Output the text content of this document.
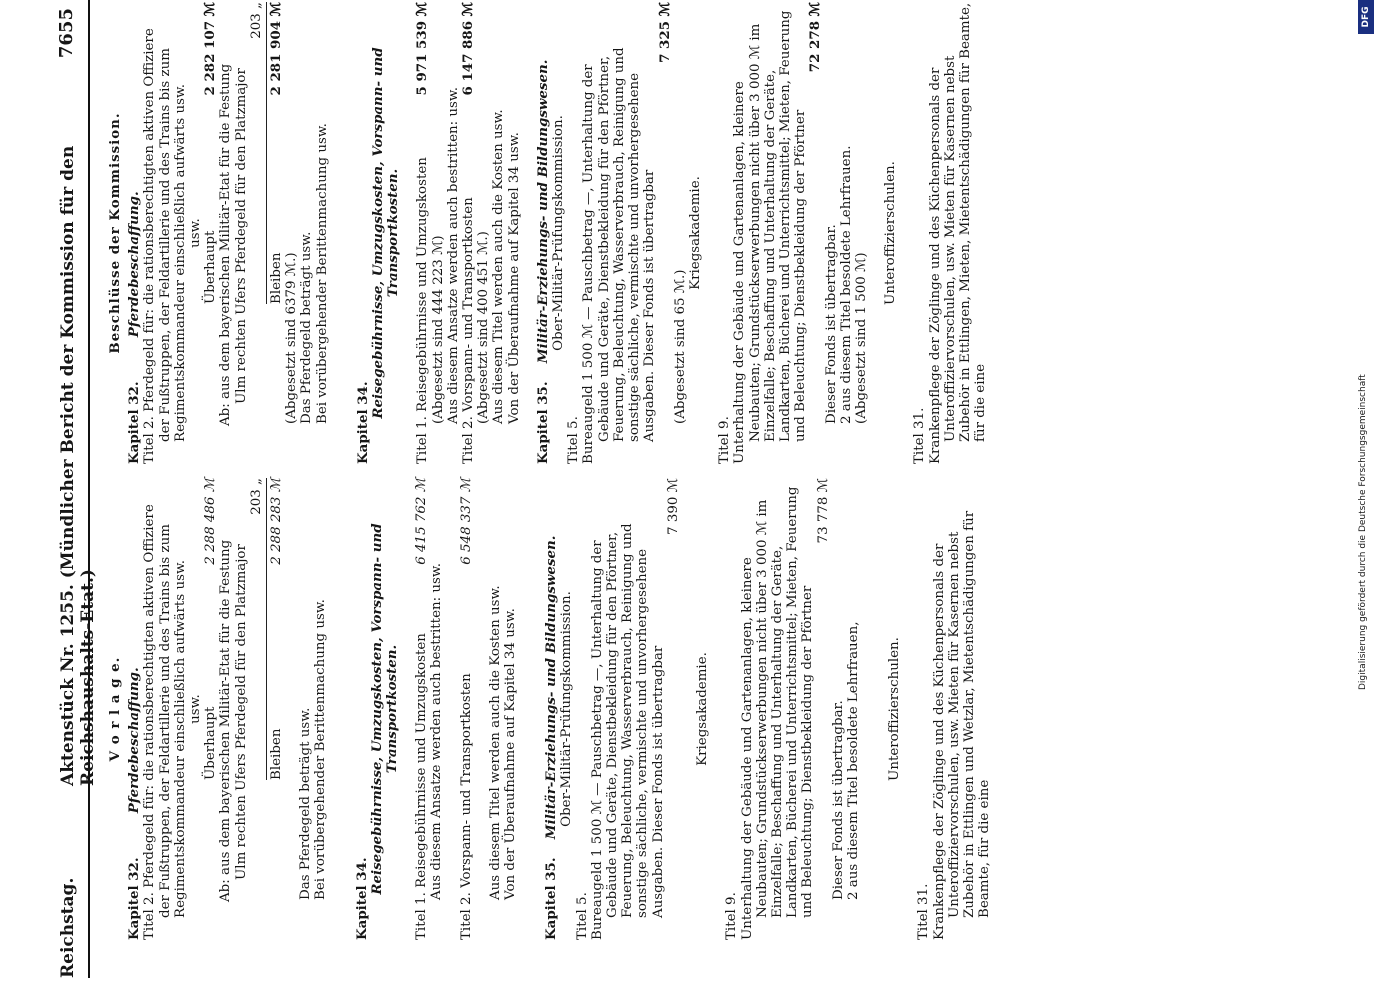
Reichstag.
Aktenstück Nr. 1255. (Mündlicher Bericht der Kommission für den Reichshaushalts-Etat.)
7655
V o r l a g e.
Kapitel 32. Pferdebeschaffung. Titel 2. Pferdegeld für: die rationsberechtigten aktiven Offiziere der Fußtruppen, der Feldartillerie und des Trains bis zum Regimentskommandeur einschließlich aufwärts usw. usw. Überhaupt
2 288 486 ℳ

Ab: aus dem bayerischen Militär-Etat für die Festung Ulm rechten Ufers Pferdegeld für den Platzmajor

203 „
Bleiben
2 288 283 ℳ
Das Pferdegeld beträgt usw. Bei vorübergehender Berittenmachung usw. Kapitel 34.
Reisegebührnisse, Umzugskosten, Vorspann- und Transportkosten. Titel 1. Reisegebührnisse und Umzugskosten
6 415 762 ℳ
Aus diesem Ansatze werden auch bestritten: usw. Titel 2. Vorspann- und Transportkosten
6 548 337 ℳ
Aus diesem Titel werden auch die Kosten usw. Von der Überaufnahme auf Kapitel 34 usw. Kapitel 35. Militär-Erziehungs- und Bildungswesen. Ober-Militär-Prüfungskommission.
Titel 5. Bureaugeld 1 500 ℳ — Pauschbetrag —, Unterhaltung der Gebäude und Geräte, Dienstbekleidung für den Pförtner, Feuerung, Beleuchtung, Wasserverbrauch, Reinigung und sonstige sächliche, vermischte und unvorhergesehene Ausgaben. Dieser Fonds ist übertragbar

7 390 ℳ
Kriegsakademie.
Titel 9. Unterhaltung der Gebäude und Gartenanlagen, kleinere Neubauten; Grundstückserwerbungen nicht über 3 000 ℳ im Einzelfalle; Beschaffung und Unterhaltung der Geräte, Landkarten, Bücherei und Unterrichtsmittel; Mieten, Feuerung und Beleuchtung; Dienstbekleidung der Pförtner

73 778 ℳ
Dieser Fonds ist übertragbar. 2 aus diesem Titel besoldete Lehrfrauen, Unteroffizierschulen.
Titel 31. Krankenpflege der Zöglinge und des Küchenpersonals der Unteroffiziervorschulen, usw. Mieten für Kasernen nebst Zubehör in Ettlingen und Wetzlar, Mietentschädigungen für Beamte, für die eine

Beschlüsse der Kommission.
Kapitel 32. Pferdebeschaffung. Titel 2. Pferdegeld für: die rationsberechtigten aktiven Offiziere der Fußtruppen, der Feldartillerie und des Trains bis zum Regimentskommandeur einschließlich aufwärts usw. usw. Überhaupt
2 282 107 ℳ

Ab: aus dem bayerischen Militär-Etat für die Festung Ulm rechten Ufers Pferdegeld für den Platzmajor

203 „
Bleiben
2 281 904 ℳ
(Abgesetzt sind 6379 ℳ.) Das Pferdegeld beträgt usw. Bei vorübergehender Berittenmachung usw. Kapitel 34.
Reisegebührnisse, Umzugskosten, Vorspann- und Transportkosten. Titel 1. Reisegebührnisse und Umzugskosten
5 971 539 ℳ
(Abgesetzt sind 444 223 ℳ) Aus diesem Ansatze werden auch bestritten: usw. Titel 2. Vorspann- und Transportkosten
6 147 886 ℳ
(Abgesetzt sind 400 451 ℳ.) Aus diesem Titel werden auch die Kosten usw. Von der Überaufnahme auf Kapitel 34 usw. Kapitel 35. Militär-Erziehungs- und Bildungswesen. Ober-Militär-Prüfungskommission.
Titel 5. Bureaugeld 1 500 ℳ — Pauschbetrag —, Unterhaltung der Gebäude und Geräte, Dienstbekleidung für den Pförtner, Feuerung, Beleuchtung, Wasserverbrauch, Reinigung und sonstige sächliche, vermischte und unvorhergesehene Ausgaben. Dieser Fonds ist übertragbar

7 325 ℳ
(Abgesetzt sind 65 ℳ.)
Kriegsakademie.
Titel 9. Unterhaltung der Gebäude und Gartenanlagen, kleinere Neubauten; Grundstückserwerbungen nicht über 3 000 ℳ im Einzelfalle; Beschaffung und Unterhaltung der Geräte, Landkarten, Bücherei und Unterrichtsmittel; Mieten, Feuerung und Beleuchtung; Dienstbekleidung der Pförtner

72 278 ℳ
Dieser Fonds ist übertragbar. 2 aus diesem Titel besoldete Lehrfrauen. (Abgesetzt sind 1 500 ℳ)
Unteroffizierschulen.
Titel 31. Krankenpflege der Zöglinge und des Küchenpersonals der Unteroffiziervorschulen, usw. Mieten für Kasernen nebst Zubehör in Ettlingen, Mieten, Mietentschädigungen für Beamte, für die eine	Digitalisierung gefördert durch die Deutsche Forschungsgemeinschaft
DFG
